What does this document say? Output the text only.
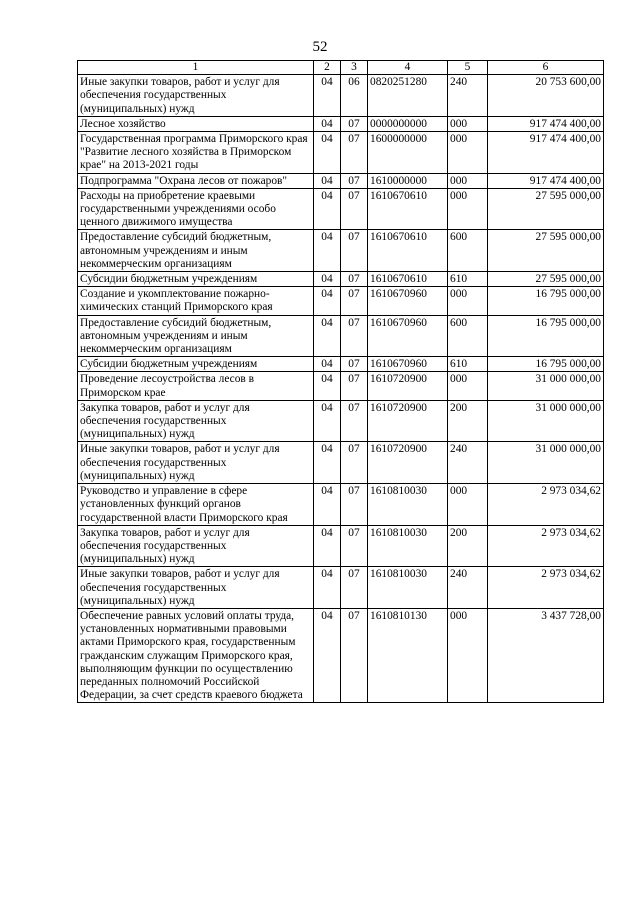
52
1	2	3	4	5	6
Иные закупки товаров, работ и услуг для обеспечения государственных (муниципальных) нужд	04	06	0820251280	240	20 753 600,00
Лесное хозяйство	04	07	0000000000	000	917 474 400,00
Государственная программа Приморского края "Развитие лесного хозяйства в Приморском крае" на 2013-2021 годы	04	07	1600000000	000	917 474 400,00
Подпрограмма "Охрана лесов от пожаров"	04	07	1610000000	000	917 474 400,00
Расходы на приобретение краевыми государственными учреждениями особо ценного движимого имущества	04	07	1610670610	000	27 595 000,00
Предоставление субсидий бюджетным, автономным учреждениям и иным некоммерческим организациям	04	07	1610670610	600	27 595 000,00
Субсидии бюджетным учреждениям	04	07	1610670610	610	27 595 000,00
Создание и укомплектование пожарно-химических станций Приморского края	04	07	1610670960	000	16 795 000,00
Предоставление субсидий бюджетным, автономным учреждениям и иным некоммерческим организациям	04	07	1610670960	600	16 795 000,00
Субсидии бюджетным учреждениям	04	07	1610670960	610	16 795 000,00
Проведение лесоустройства лесов в Приморском крае	04	07	1610720900	000	31 000 000,00
Закупка товаров, работ и услуг для обеспечения государственных (муниципальных) нужд	04	07	1610720900	200	31 000 000,00
Иные закупки товаров, работ и услуг для обеспечения государственных (муниципальных) нужд	04	07	1610720900	240	31 000 000,00
Руководство и управление в сфере установленных функций органов государственной власти Приморского края	04	07	1610810030	000	2 973 034,62
Закупка товаров, работ и услуг для обеспечения государственных (муниципальных) нужд	04	07	1610810030	200	2 973 034,62
Иные закупки товаров, работ и услуг для обеспечения государственных (муниципальных) нужд	04	07	1610810030	240	2 973 034,62
Обеспечение равных условий оплаты труда, установленных нормативными правовыми актами Приморского края, государственным гражданским служащим Приморского края, выполняющим функции по осуществлению переданных полномочий Российской Федерации, за счет средств краевого бюджета	04	07	1610810130	000	3 437 728,00
